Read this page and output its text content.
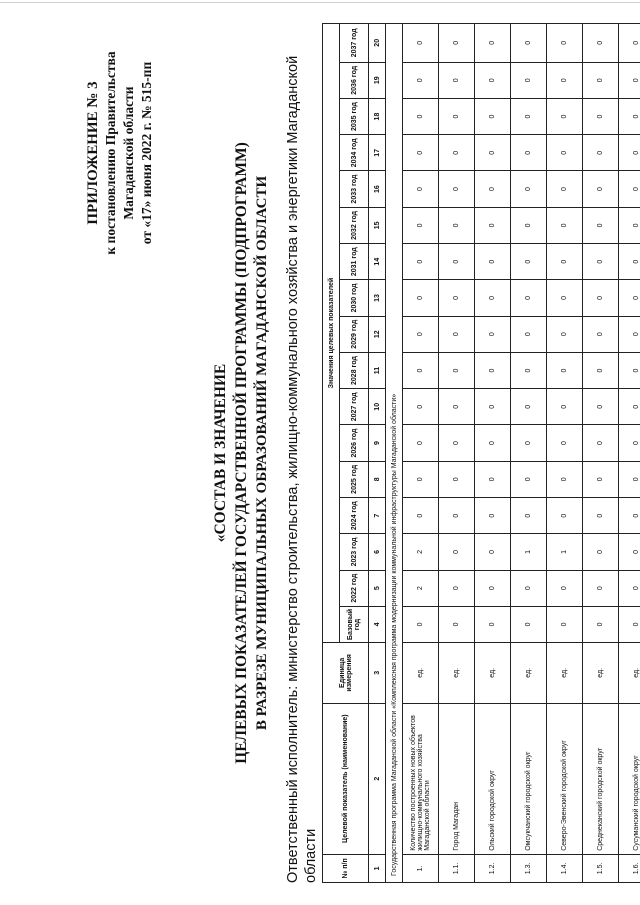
ПРИЛОЖЕНИЕ № 3 к постановлению Правительства Магаданской области от «17» июня 2022 г. № 515-пп
«СОСТАВ И ЗНАЧЕНИЕ ЦЕЛЕВЫХ ПОКАЗАТЕЛЕЙ ГОСУДАРСТВЕННОЙ ПРОГРАММЫ (ПОДПРОГРАММ) В РАЗРЕЗЕ МУНИЦИПАЛЬНЫХ ОБРАЗОВАНИЙ МАГАДАНСКОЙ ОБЛАСТИ Ответственный исполнитель: министерство строительства, жилищно-коммунального хозяйства и энергетики Магаданской области	№ п/п	Целевой показатель (наименование)	Единица измерения	Значения целевых показателей																
			Базовый год	2022 год	2023 год	2024 год	2025 год	2026 год	2027 год	2028 год	2029 год	2030 год	2031 год	2032 год	2033 год	2034 год	2035 год	2036 год	2037 год
1	2	3	4	5	6	7	8	9	10	11	12	13	14	15	16	17	18	19	20
Государственная программа Магаданской области «Комплексная программа модернизации коммунальной инфраструктуры Магаданской области»																			
1.	Количество построенных новых объектов жилищно-коммунального хозяйства Магаданской области	ед.	0	2	2	0	0	0	0	0	0	0	0	0	0	0	0	0	0
1.1.	Город Магадан	ед.	0	0	0	0	0	0	0	0	0	0	0	0	0	0	0	0	0
1.2.	Ольский городской округ	ед.	0	0	0	0	0	0	0	0	0	0	0	0	0	0	0	0	0
1.3.	Омсукчанский городской округ	ед.	0	0	1	0	0	0	0	0	0	0	0	0	0	0	0	0	0
1.4.	Северо-Эвенский городской округ	ед.	0	0	1	0	0	0	0	0	0	0	0	0	0	0	0	0	0
1.5.	Среднеканский городской округ	ед.	0	0	0	0	0	0	0	0	0	0	0	0	0	0	0	0	0
1.6.	Сусуманский городской округ	ед.	0	0	0	0	0	0	0	0	0	0	0	0	0	0	0	0	0
